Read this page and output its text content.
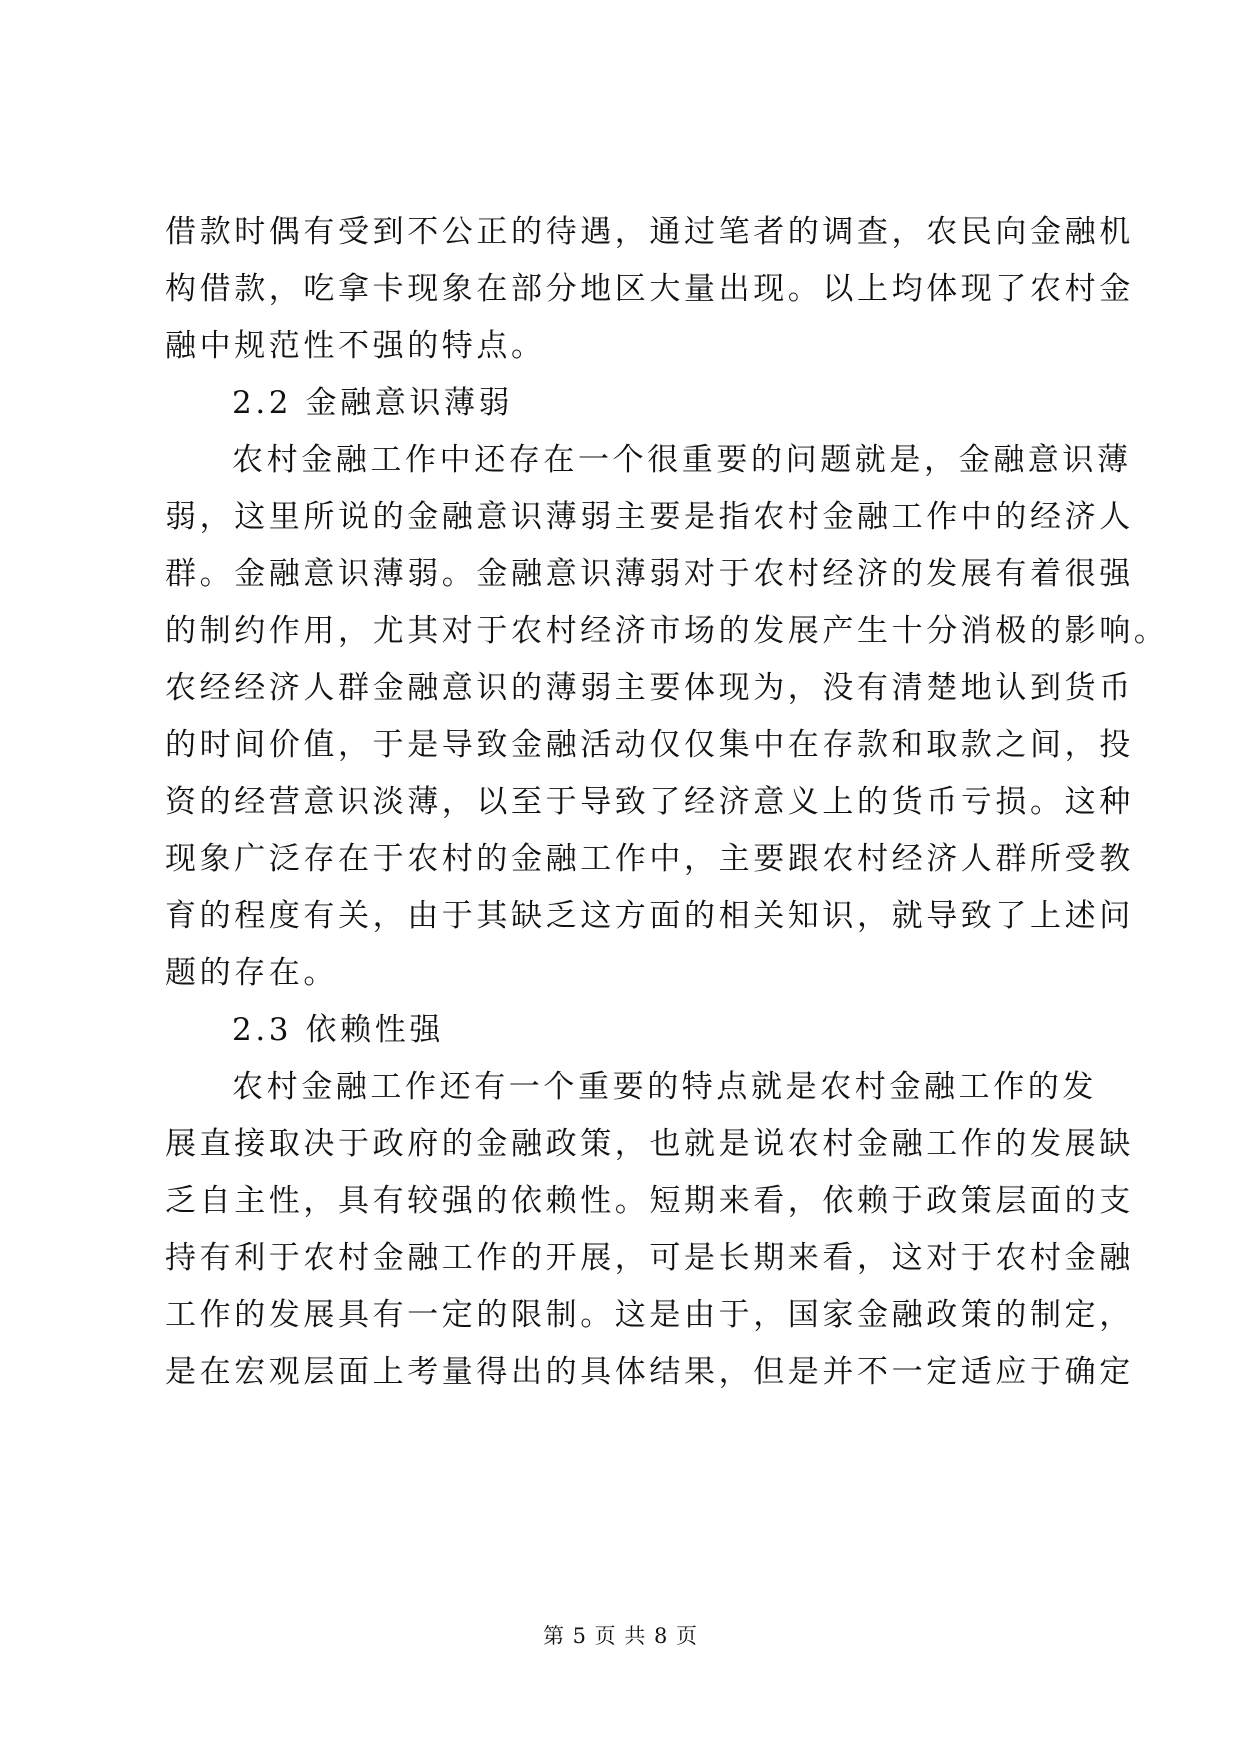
借款时偶有受到不公正的待遇，通过笔者的调查，农民向金融机
构借款，吃拿卡现象在部分地区大量出现。以上均体现了农村金
融中规范性不强的特点。
2.2 金融意识薄弱
农村金融工作中还存在一个很重要的问题就是，金融意识薄
弱，这里所说的金融意识薄弱主要是指农村金融工作中的经济人
群。金融意识薄弱。金融意识薄弱对于农村经济的发展有着很强
的制约作用，尤其对于农村经济市场的发展产生十分消极的影响。
农经经济人群金融意识的薄弱主要体现为，没有清楚地认到货币
的时间价值，于是导致金融活动仅仅集中在存款和取款之间，投
资的经营意识淡薄，以至于导致了经济意义上的货币亏损。这种
现象广泛存在于农村的金融工作中，主要跟农村经济人群所受教
育的程度有关，由于其缺乏这方面的相关知识，就导致了上述问
题的存在。
2.3 依赖性强
农村金融工作还有一个重要的特点就是农村金融工作的发
展直接取决于政府的金融政策，也就是说农村金融工作的发展缺
乏自主性，具有较强的依赖性。短期来看，依赖于政策层面的支
持有利于农村金融工作的开展，可是长期来看，这对于农村金融
工作的发展具有一定的限制。这是由于，国家金融政策的制定，
是在宏观层面上考量得出的具体结果，但是并不一定适应于确定
第 5 页 共 8 页
